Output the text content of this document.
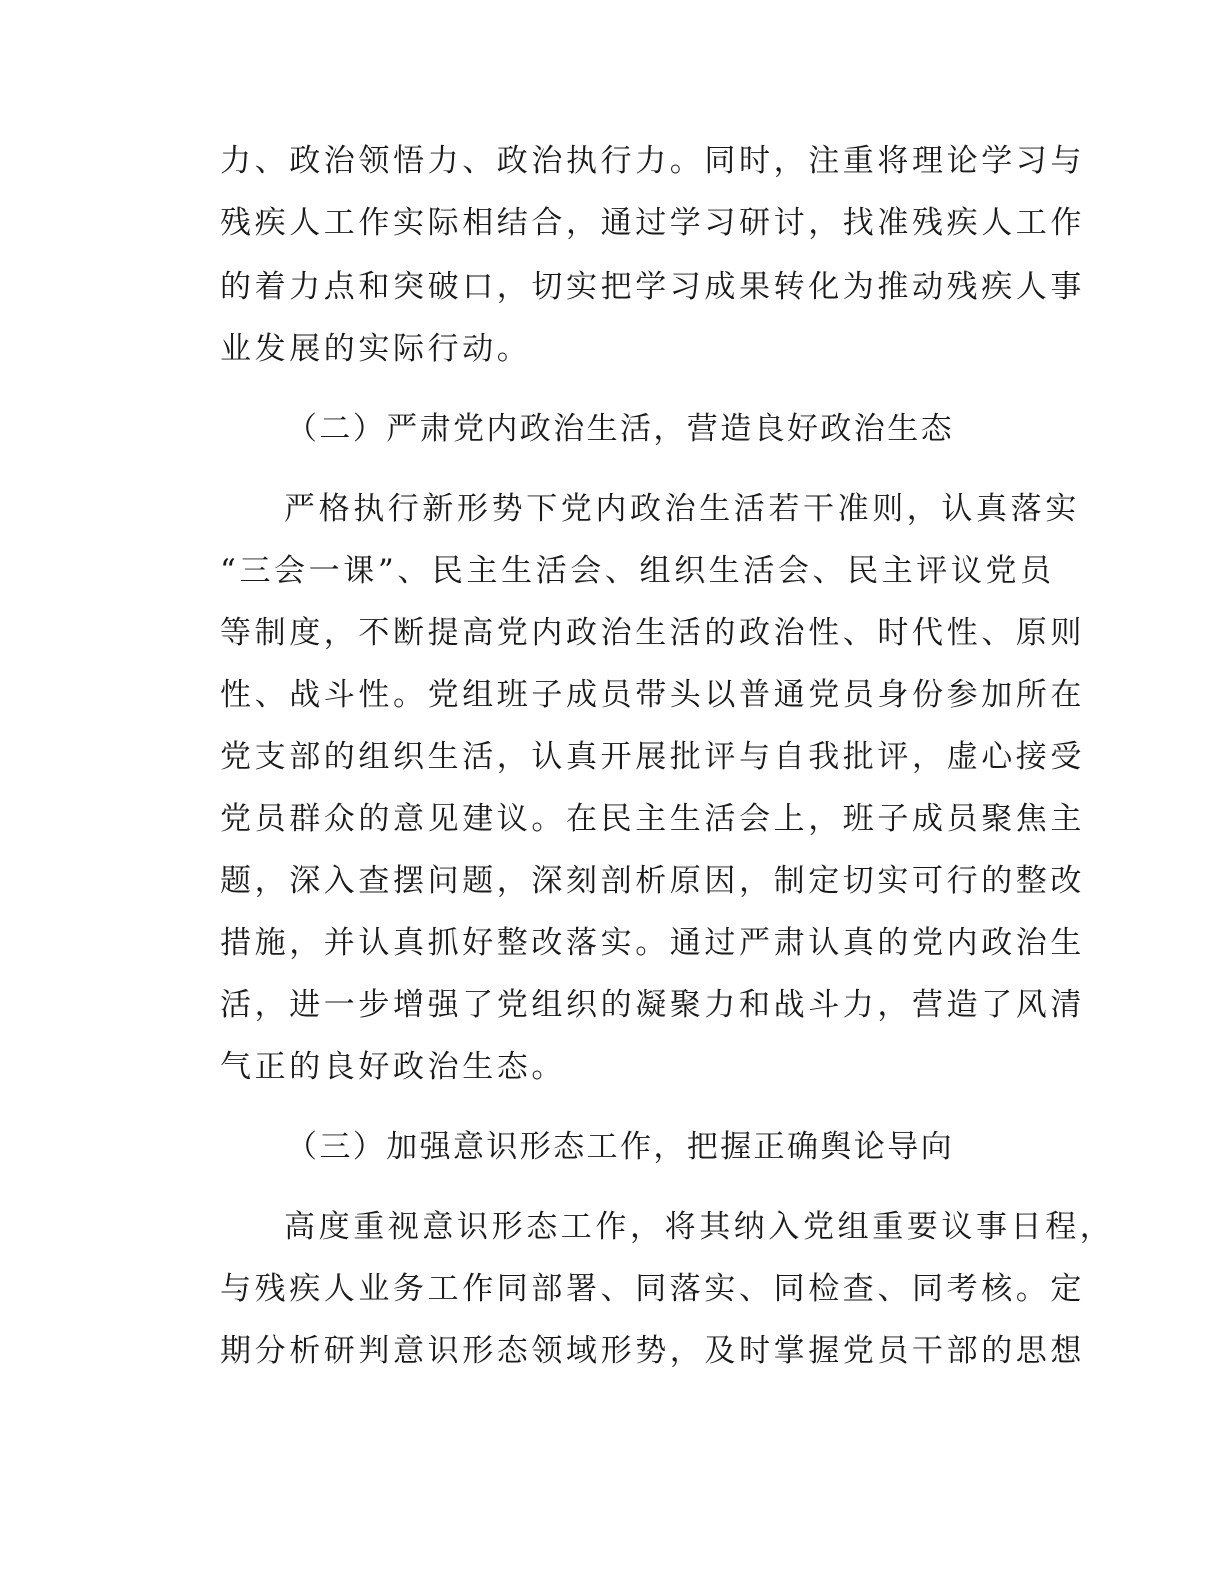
力、政治领悟力、政治执行力。同时，注重将理论学习与
残疾人工作实际相结合，通过学习研讨，找准残疾人工作
的着力点和突破口，切实把学习成果转化为推动残疾人事
业发展的实际行动。
（二）严肃党内政治生活，营造良好政治生态
严格执行新形势下党内政治生活若干准则，认真落实
“三会一课”、民主生活会、组织生活会、民主评议党员
等制度，不断提高党内政治生活的政治性、时代性、原则
性、战斗性。党组班子成员带头以普通党员身份参加所在
党支部的组织生活，认真开展批评与自我批评，虚心接受
党员群众的意见建议。在民主生活会上，班子成员聚焦主
题，深入查摆问题，深刻剖析原因，制定切实可行的整改
措施，并认真抓好整改落实。通过严肃认真的党内政治生
活，进一步增强了党组织的凝聚力和战斗力，营造了风清
气正的良好政治生态。
（三）加强意识形态工作，把握正确舆论导向
高度重视意识形态工作，将其纳入党组重要议事日程，
与残疾人业务工作同部署、同落实、同检查、同考核。定
期分析研判意识形态领域形势，及时掌握党员干部的思想
